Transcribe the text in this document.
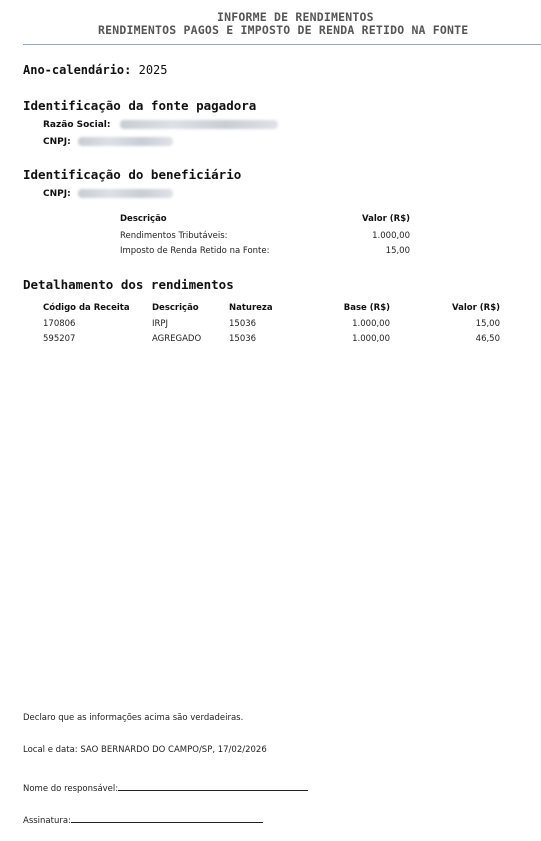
INFORME DE RENDIMENTOS
RENDIMENTOS PAGOS E IMPOSTO DE RENDA RETIDO NA FONTE
Ano-calendário: 2025
Identificação da fonte pagadora
Razão Social:
CNPJ:
Identificação do beneficiário
CNPJ:
Descrição	Valor (R$)
Rendimentos Tributáveis:	1.000,00
Imposto de Renda Retido na Fonte:	15,00
Detalhamento dos rendimentos
Código da Receita	Descrição	Natureza	Base (R$)	Valor (R$)
170806	IRPJ	15036	1.000,00	15,00
595207	AGREGADO	15036	1.000,00	46,50
Declaro que as informações acima são verdadeiras.
Local e data: SAO BERNARDO DO CAMPO/SP, 17/02/2026
Nome do responsável:
Assinatura:
